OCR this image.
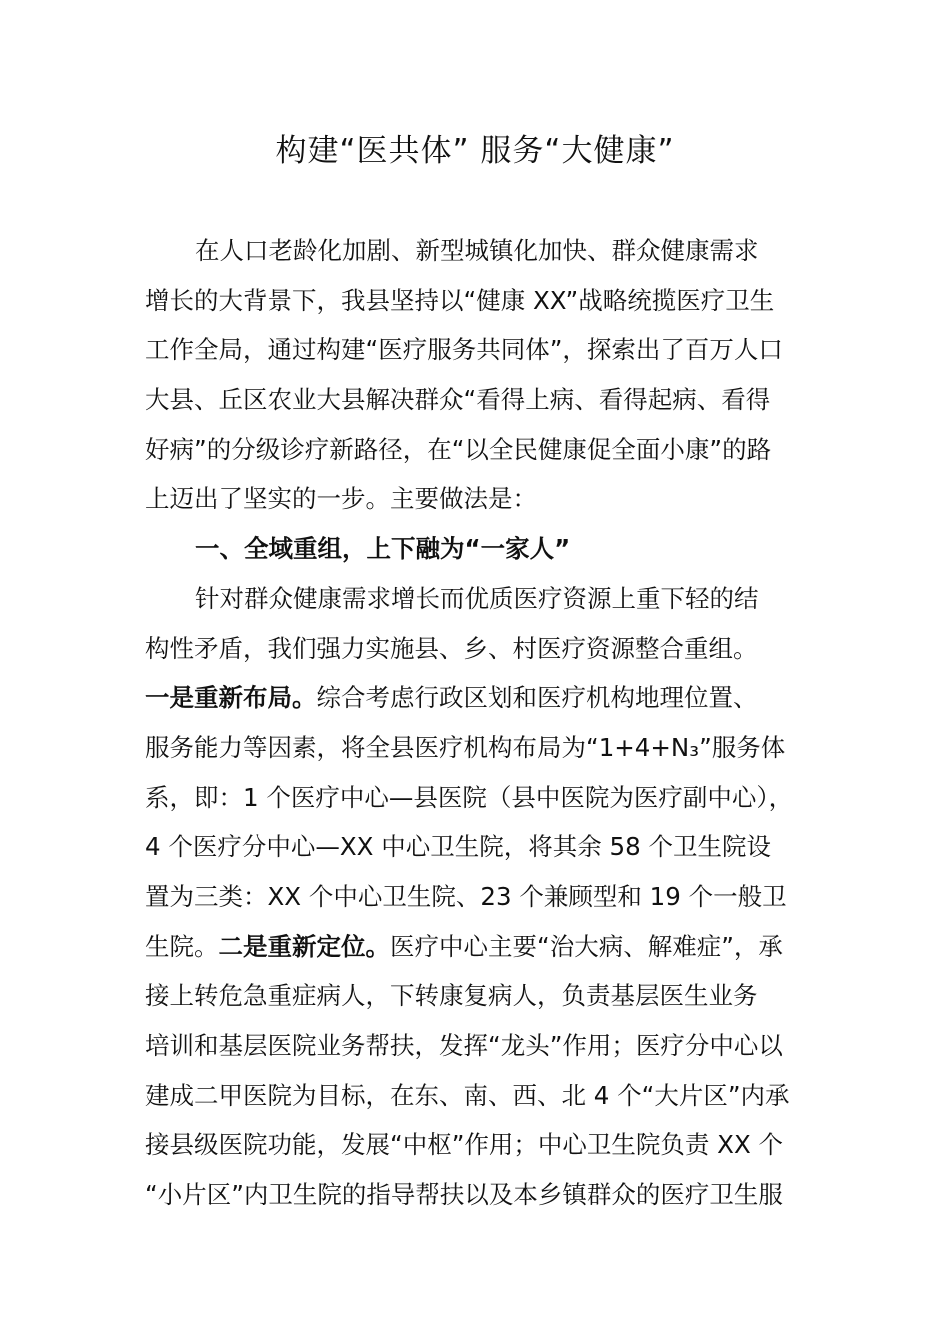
构建“医共体” 服务“大健康”
在人口老龄化加剧、新型城镇化加快、群众健康需求
增长的大背景下，我县坚持以“健康 XX”战略统揽医疗卫生
工作全局，通过构建“医疗服务共同体”，探索出了百万人口
大县、丘区农业大县解决群众“看得上病、看得起病、看得
好病”的分级诊疗新路径，在“以全民健康促全面小康”的路
上迈出了坚实的一步。主要做法是：
一、全域重组，上下融为“一家人”
针对群众健康需求增长而优质医疗资源上重下轻的结
构性矛盾，我们强力实施县、乡、村医疗资源整合重组。
一是重新布局。综合考虑行政区划和医疗机构地理位置、
服务能力等因素，将全县医疗机构布局为“1+4+N₃”服务体
系，即：1 个医疗中心—县医院（县中医院为医疗副中心），
4 个医疗分中心—XX 中心卫生院，将其余 58 个卫生院设
置为三类：XX 个中心卫生院、23 个兼顾型和 19 个一般卫
生院。二是重新定位。医疗中心主要“治大病、解难症”，承
接上转危急重症病人，下转康复病人，负责基层医生业务
培训和基层医院业务帮扶，发挥“龙头”作用；医疗分中心以
建成二甲医院为目标，在东、南、西、北 4 个“大片区”内承
接县级医院功能，发展“中枢”作用；中心卫生院负责 XX 个
“小片区”内卫生院的指导帮扶以及本乡镇群众的医疗卫生服
